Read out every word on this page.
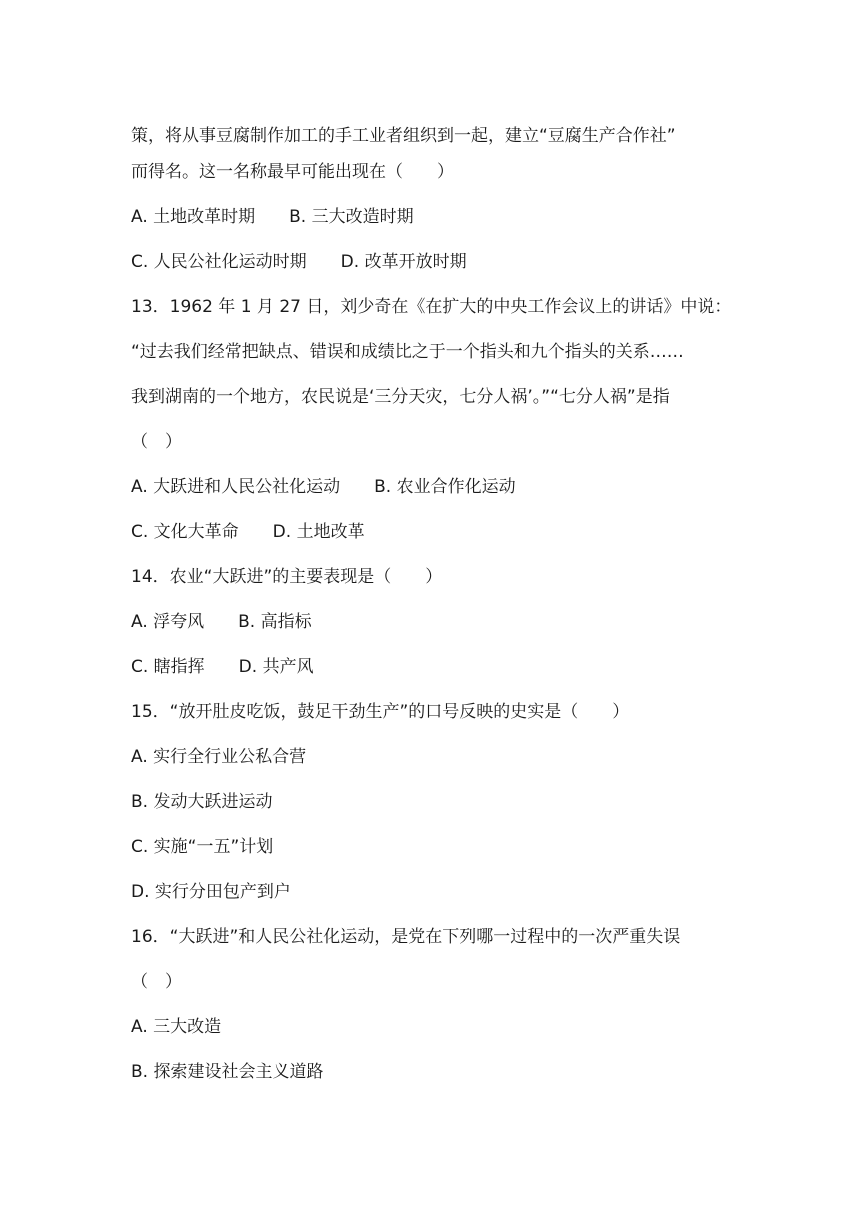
策，将从事豆腐制作加工的手工业者组织到一起，建立“豆腐生产合作社”

而得名。这一名称最早可能出现在（　　）

A. 土地改革时期　　B. 三大改造时期

C. 人民公社化运动时期　　D. 改革开放时期

13．1962 年 1 月 27 日，刘少奇在《在扩大的中央工作会议上的讲话》中说：

“过去我们经常把缺点、错误和成绩比之于一个指头和九个指头的关系……

我到湖南的一个地方，农民说是‘三分天灾，七分人祸’。”“七分人祸”是指

（　）

A. 大跃进和人民公社化运动　　B. 农业合作化运动

C. 文化大革命　　D. 土地改革

14．农业“大跃进”的主要表现是（　　）

A. 浮夸风　　B. 高指标

C. 瞎指挥　　D. 共产风

15．“放开肚皮吃饭，鼓足干劲生产”的口号反映的史实是（　　）

A. 实行全行业公私合营

B. 发动大跃进运动

C. 实施“一五”计划

D. 实行分田包产到户

16．“大跃进”和人民公社化运动，是党在下列哪一过程中的一次严重失误

（　）

A. 三大改造

B. 探索建设社会主义道路
